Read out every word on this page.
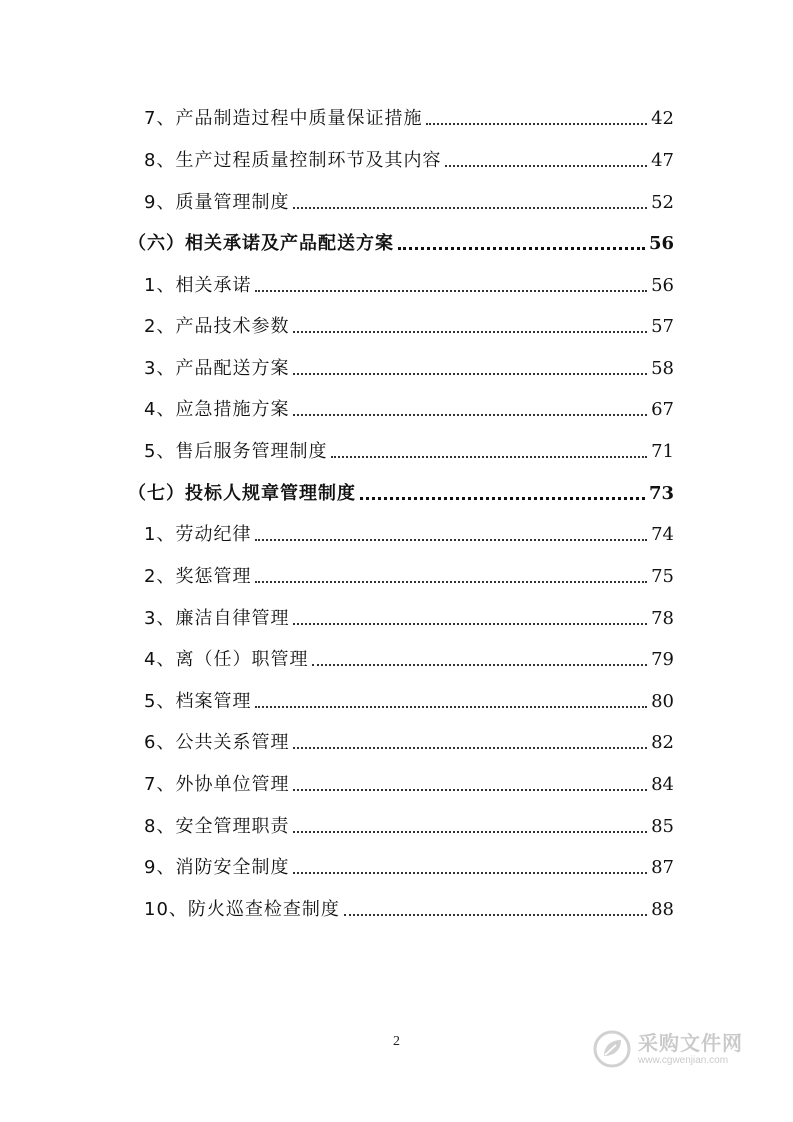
7、产品制造过程中质量保证措施	42
8、生产过程质量控制环节及其内容	47
9、质量管理制度	52
（六）相关承诺及产品配送方案	56
1、相关承诺	56
2、产品技术参数	57
3、产品配送方案	58
4、应急措施方案	67
5、售后服务管理制度	71
（七）投标人规章管理制度	73
1、劳动纪律	74
2、奖惩管理	75
3、廉洁自律管理	78
4、离（任）职管理	79
5、档案管理	80
6、公共关系管理	82
7、外协单位管理	84
8、安全管理职责	85
9、消防安全制度	87
10、防火巡查检查制度	88
2	采购文件网
www.cgwenjian.com
